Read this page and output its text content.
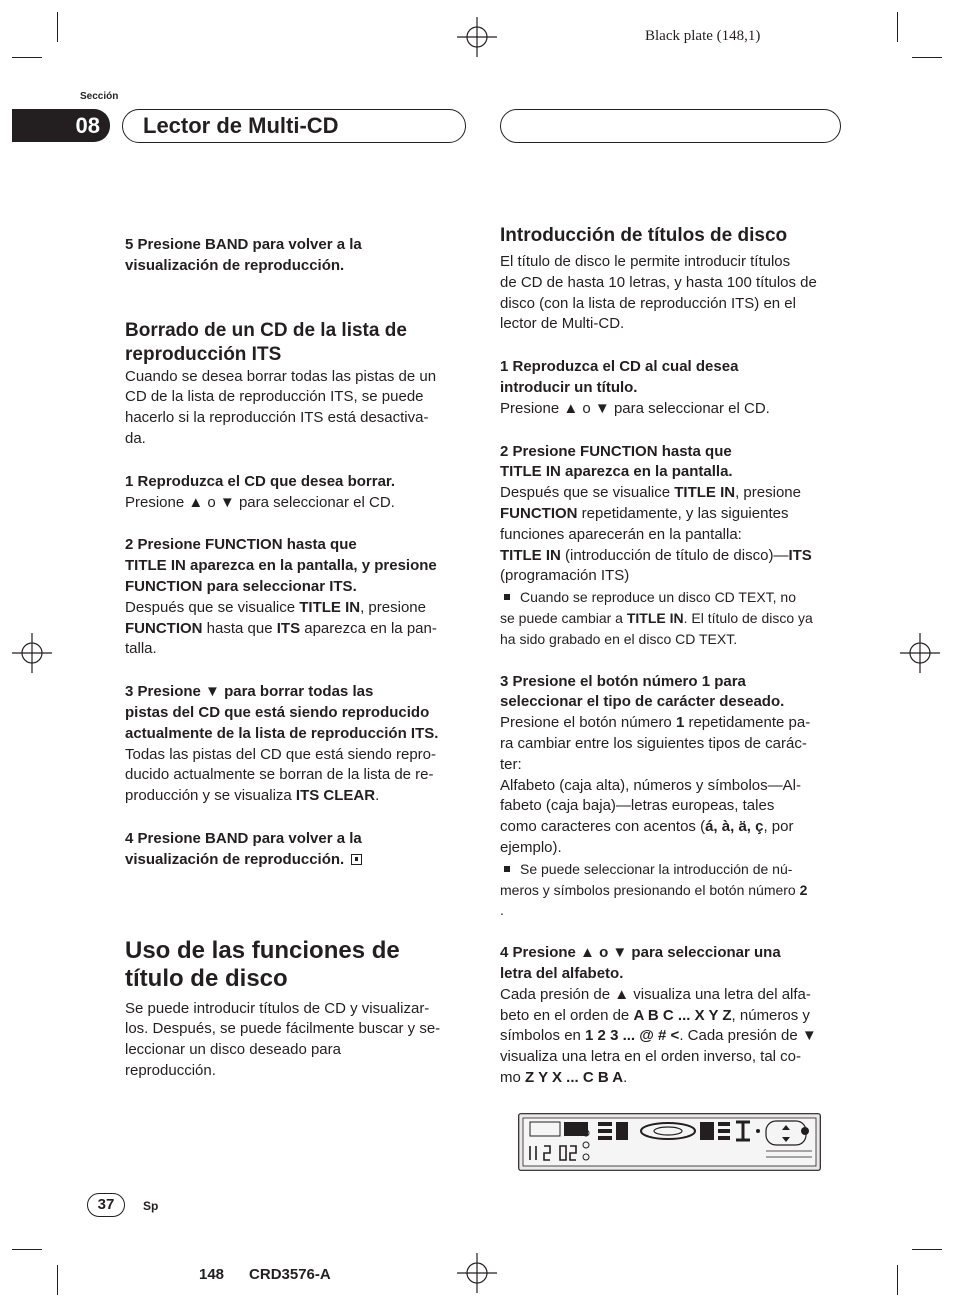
Black plate (148,1)
Sección
08	Lector de Multi-CD

5 Presione BAND para volver a la

visualización de reproducción.

Borrado de un CD de la lista de

reproducción ITS

Cuando se desea borrar todas las pistas de un

CD de la lista de reproducción ITS, se puede

hacerlo si la reproducción ITS está desactiva-

da.

1 Reproduzca el CD que desea borrar.

Presione ▲ o ▼ para seleccionar el CD.

2 Presione FUNCTION hasta que

TITLE IN aparezca en la pantalla, y presione

FUNCTION para seleccionar ITS.

Después que se visualice TITLE IN, presione

FUNCTION hasta que ITS aparezca en la pan-

talla.

3 Presione ▼ para borrar todas las

pistas del CD que está siendo reproducido

actualmente de la lista de reproducción ITS.

Todas las pistas del CD que está siendo repro-

ducido actualmente se borran de la lista de re-

producción y se visualiza ITS CLEAR.

4 Presione BAND para volver a la

visualización de reproducción.

Uso de las funciones de

título de disco

Se puede introducir títulos de CD y visualizar-

los. Después, se puede fácilmente buscar y se-

leccionar un disco deseado para

reproducción.

Introducción de títulos de disco

El título de disco le permite introducir títulos

de CD de hasta 10 letras, y hasta 100 títulos de

disco (con la lista de reproducción ITS) en el

lector de Multi-CD.

1 Reproduzca el CD al cual desea

introducir un título.

Presione ▲ o ▼ para seleccionar el CD.

2 Presione FUNCTION hasta que

TITLE IN aparezca en la pantalla.

Después que se visualice TITLE IN, presione

FUNCTION repetidamente, y las siguientes

funciones aparecerán en la pantalla:

TITLE IN (introducción de título de disco)—ITS

(programación ITS)

Cuando se reproduce un disco CD TEXT, no

se puede cambiar a TITLE IN. El título de disco ya

ha sido grabado en el disco CD TEXT.

3 Presione el botón número 1 para

seleccionar el tipo de carácter deseado.

Presione el botón número 1 repetidamente pa-

ra cambiar entre los siguientes tipos de carác-

ter:

Alfabeto (caja alta), números y símbolos—Al-

fabeto (caja baja)—letras europeas, tales

como caracteres con acentos (á, à, ä, ç, por

ejemplo).

Se puede seleccionar la introducción de nú-

meros y símbolos presionando el botón número 2

.

4 Presione ▲ o ▼ para seleccionar una

letra del alfabeto.

Cada presión de ▲ visualiza una letra del alfa-

beto en el orden de A B C ... X Y Z, números y

símbolos en 1 2 3 ... @ # <. Cada presión de ▼

visualiza una letra en el orden inverso, tal co-

mo Z Y X ... C B A.

37	Sp
148      CRD3576-A
